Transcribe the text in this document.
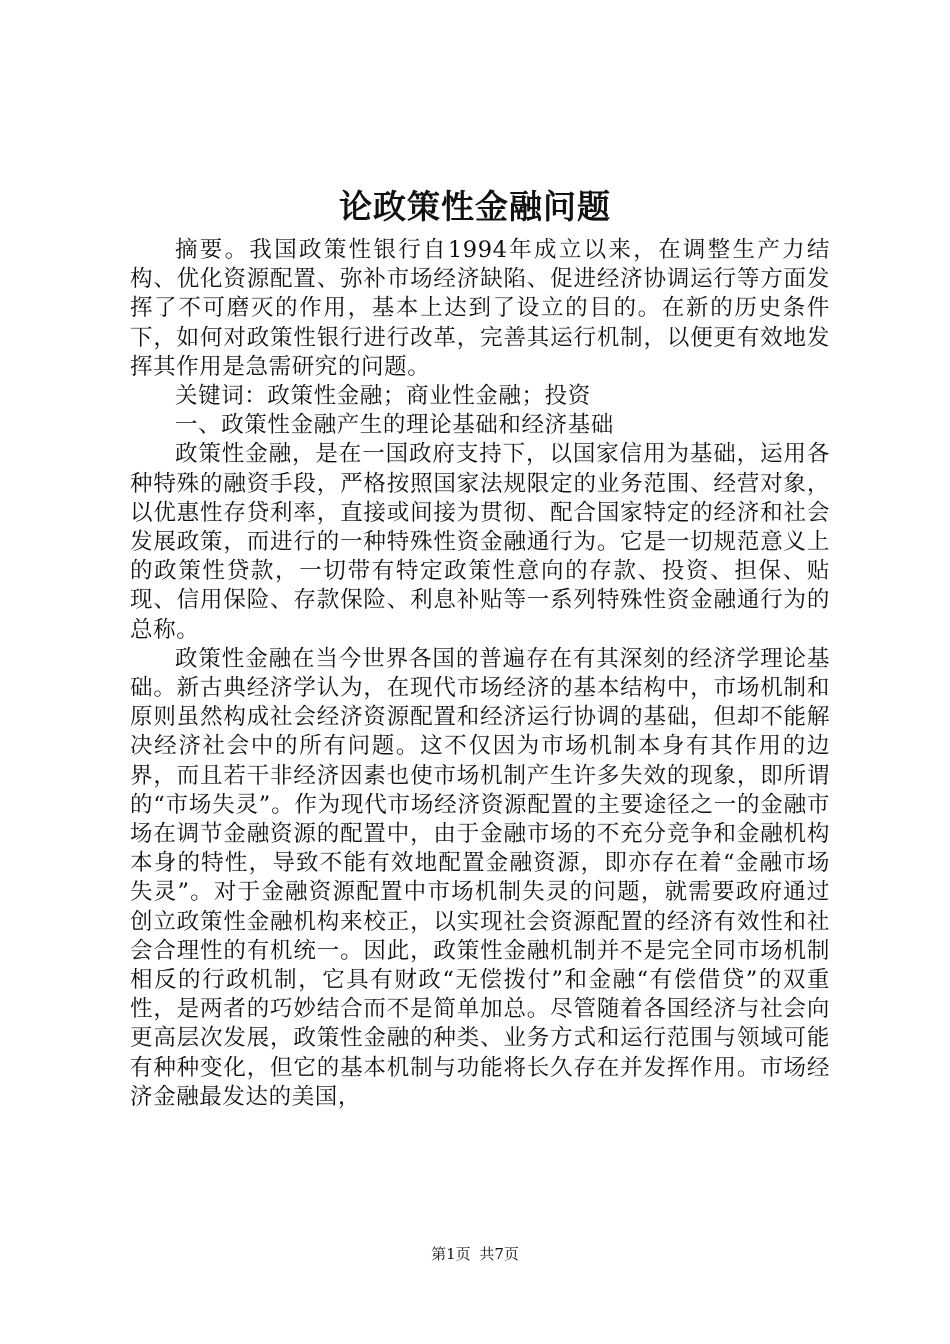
论政策性金融问题

摘要。我国政策性银行自1994年成立以来，在调整生产力结构、优化资源配置、弥补市场经济缺陷、促进经济协调运行等方面发挥了不可磨灭的作用，基本上达到了设立的目的。在新的历史条件下，如何对政策性银行进行改革，完善其运行机制，以便更有效地发挥其作用是急需研究的问题。

关键词：政策性金融；商业性金融；投资

一、政策性金融产生的理论基础和经济基础

政策性金融，是在一国政府支持下，以国家信用为基础，运用各种特殊的融资手段，严格按照国家法规限定的业务范围、经营对象，以优惠性存贷利率，直接或间接为贯彻、配合国家特定的经济和社会发展政策，而进行的一种特殊性资金融通行为。它是一切规范意义上的政策性贷款，一切带有特定政策性意向的存款、投资、担保、贴现、信用保险、存款保险、利息补贴等一系列特殊性资金融通行为的总称。

政策性金融在当今世界各国的普遍存在有其深刻的经济学理论基础。新古典经济学认为，在现代市场经济的基本结构中，市场机制和原则虽然构成社会经济资源配置和经济运行协调的基础，但却不能解决经济社会中的所有问题。这不仅因为市场机制本身有其作用的边界，而且若干非经济因素也使市场机制产生许多失效的现象，即所谓的“市场失灵”。作为现代市场经济资源配置的主要途径之一的金融市场在调节金融资源的配置中，由于金融市场的不充分竞争和金融机构本身的特性，导致不能有效地配置金融资源，即亦存在着“金融市场失灵”。对于金融资源配置中市场机制失灵的问题，就需要政府通过创立政策性金融机构来校正，以实现社会资源配置的经济有效性和社会合理性的有机统一。因此，政策性金融机制并不是完全同市场机制相反的行政机制，它具有财政“无偿拨付”和金融“有偿借贷”的双重性，是两者的巧妙结合而不是简单加总。尽管随着各国经济与社会向更高层次发展，政策性金融的种类、业务方式和运行范围与领域可能有种种变化，但它的基本机制与功能将长久存在并发挥作用。市场经济金融最发达的美国，

第1页 共7页
